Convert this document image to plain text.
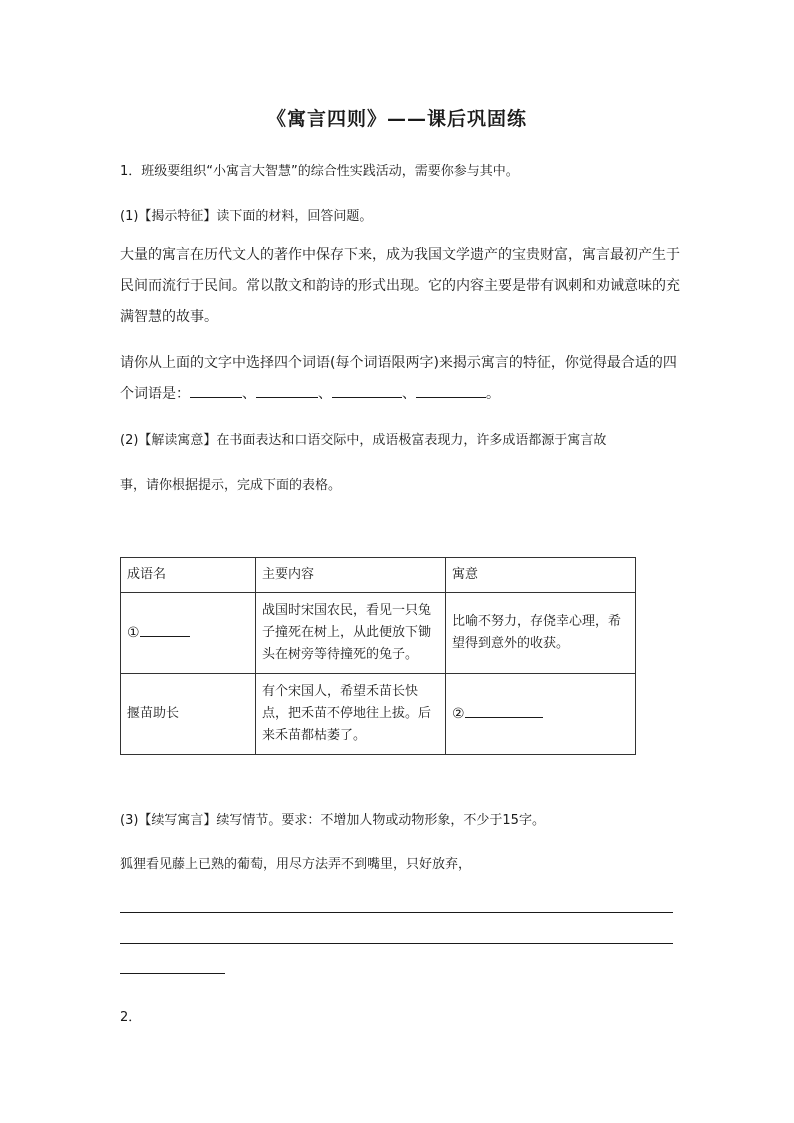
《寓言四则》——课后巩固练
1．班级要组织“小寓言大智慧”的综合性实践活动，需要你参与其中。
(1)【揭示特征】读下面的材料，回答问题。
大量的寓言在历代文人的著作中保存下来，成为我国文学遗产的宝贵财富，寓言最初产生于民间而流行于民间。常以散文和韵诗的形式出现。它的内容主要是带有讽刺和劝诫意味的充满智慧的故事。
请你从上面的文字中选择四个词语(每个词语限两字)来揭示寓言的特征，你觉得最合适的四个词语是：	、	、	、	。
(2)【解读寓意】在书面表达和口语交际中，成语极富表现力，许多成语都源于寓言故
事，请你根据提示，完成下面的表格。
成语名	主要内容	寓意
①	战国时宋国农民，看见一只兔子撞死在树上，从此便放下锄头在树旁等待撞死的兔子。	比喻不努力，存侥幸心理，希望得到意外的收获。
揠苗助长	有个宋国人，希望禾苗长快点，把禾苗不停地往上拔。后来禾苗都枯萎了。	②
(3)【续写寓言】续写情节。要求：不增加人物或动物形象，不少于15字。
狐狸看见藤上已熟的葡萄，用尽方法弄不到嘴里，只好放弃，
2．
